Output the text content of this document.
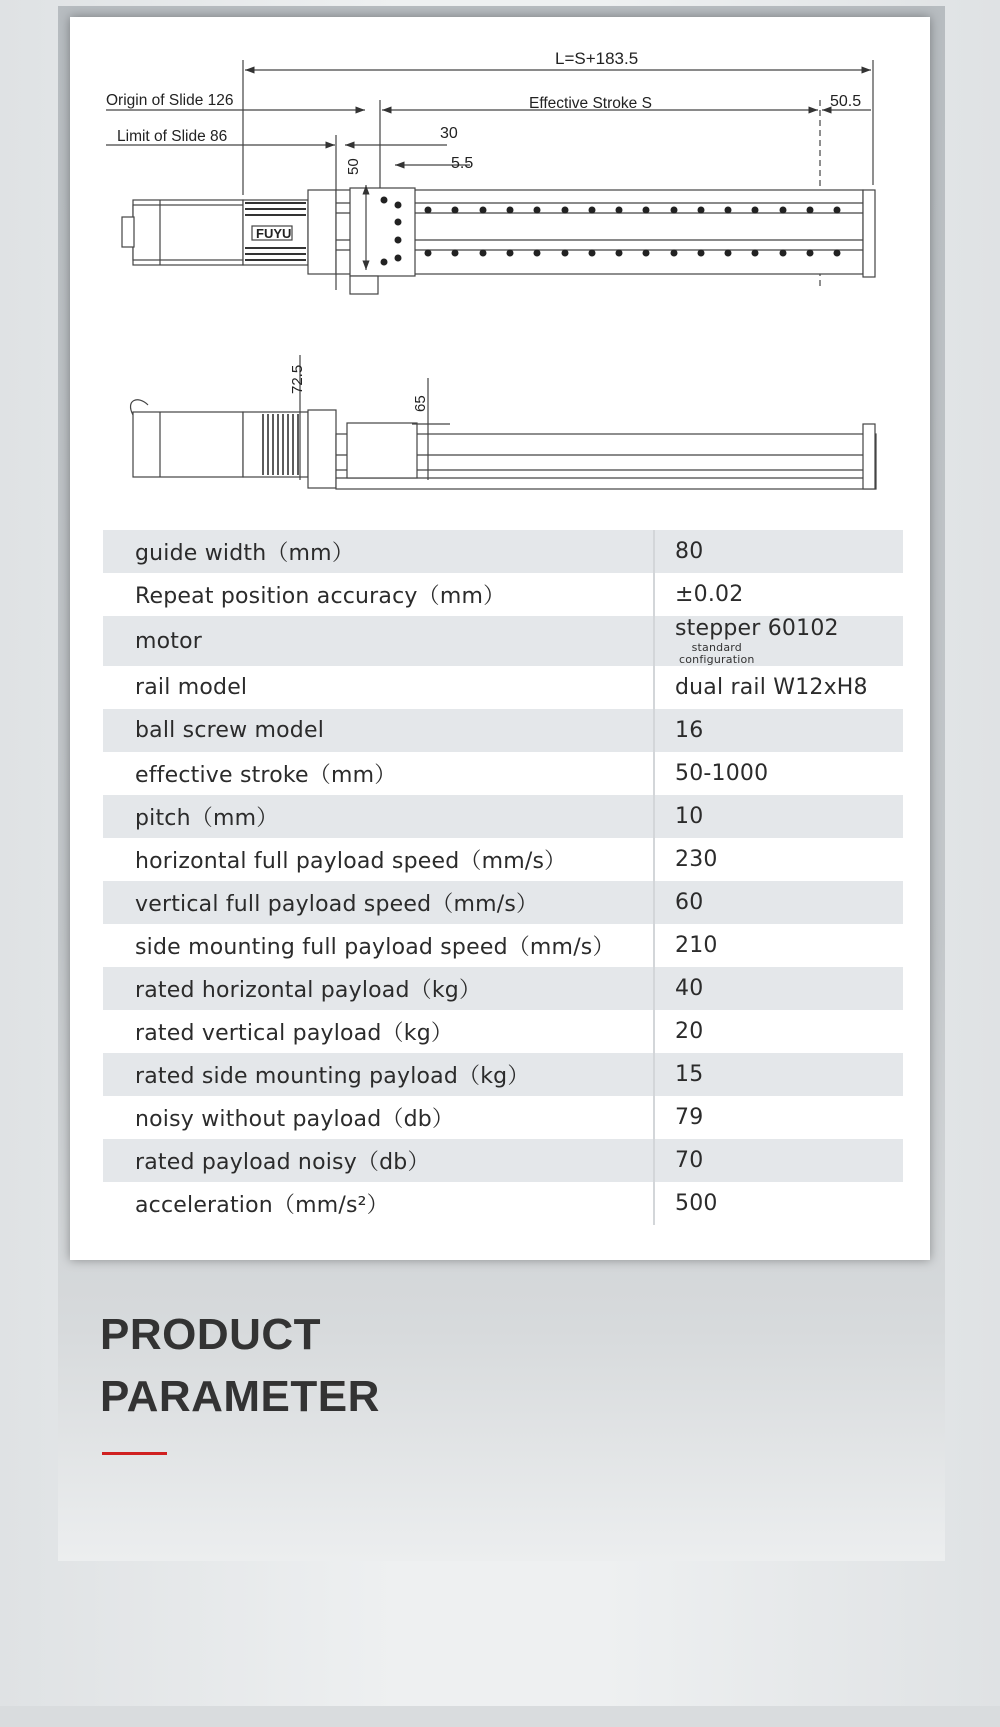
L=S+183.5
Origin of Slide 126	Effective Stroke S	50.5
Limit of Slide 86	30
5.5
50
FUYU
72.5
65
guide width（mm）	80
Repeat position accuracy（mm）	±0.02
motor	stepper 60102standard
configuration
rail model	dual rail W12xH8
ball screw model	16
effective stroke（mm）	50-1000
pitch（mm）	10
horizontal full payload speed（mm/s）	230
vertical full payload speed（mm/s）	60
side mounting full payload speed（mm/s）	210
rated horizontal payload（kg）	40
rated vertical payload（kg）	20
rated side mounting payload（kg）	15
noisy without payload（db）	79
rated payload noisy（db）	70
acceleration（mm/s²）	500
PRODUCT
PARAMETER
